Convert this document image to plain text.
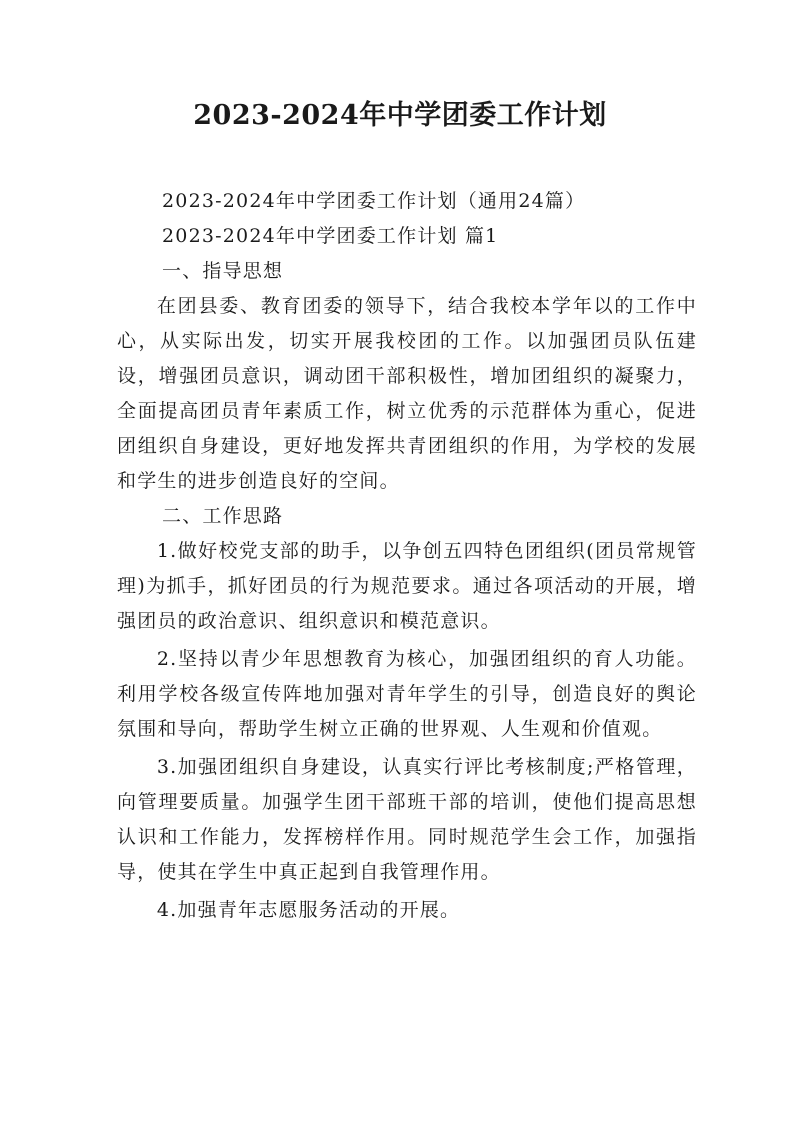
2023-2024年中学团委工作计划

2023-2024年中学团委工作计划（通用24篇）

2023-2024年中学团委工作计划 篇1

一、指导思想

在团县委、教育团委的领导下，结合我校本学年以的工作中心，从实际出发，切实开展我校团的工作。以加强团员队伍建设，增强团员意识，调动团干部积极性，增加团组织的凝聚力，全面提高团员青年素质工作，树立优秀的示范群体为重心，促进团组织自身建设，更好地发挥共青团组织的作用，为学校的发展和学生的进步创造良好的空间。

二、工作思路

1.做好校党支部的助手，以争创五四特色团组织(团员常规管理)为抓手，抓好团员的行为规范要求。通过各项活动的开展，增强团员的政治意识、组织意识和模范意识。

2.坚持以青少年思想教育为核心，加强团组织的育人功能。利用学校各级宣传阵地加强对青年学生的引导，创造良好的舆论氛围和导向，帮助学生树立正确的世界观、人生观和价值观。

3.加强团组织自身建设，认真实行评比考核制度;严格管理，向管理要质量。加强学生团干部班干部的培训，使他们提高思想认识和工作能力，发挥榜样作用。同时规范学生会工作，加强指导，使其在学生中真正起到自我管理作用。

4.加强青年志愿服务活动的开展。
